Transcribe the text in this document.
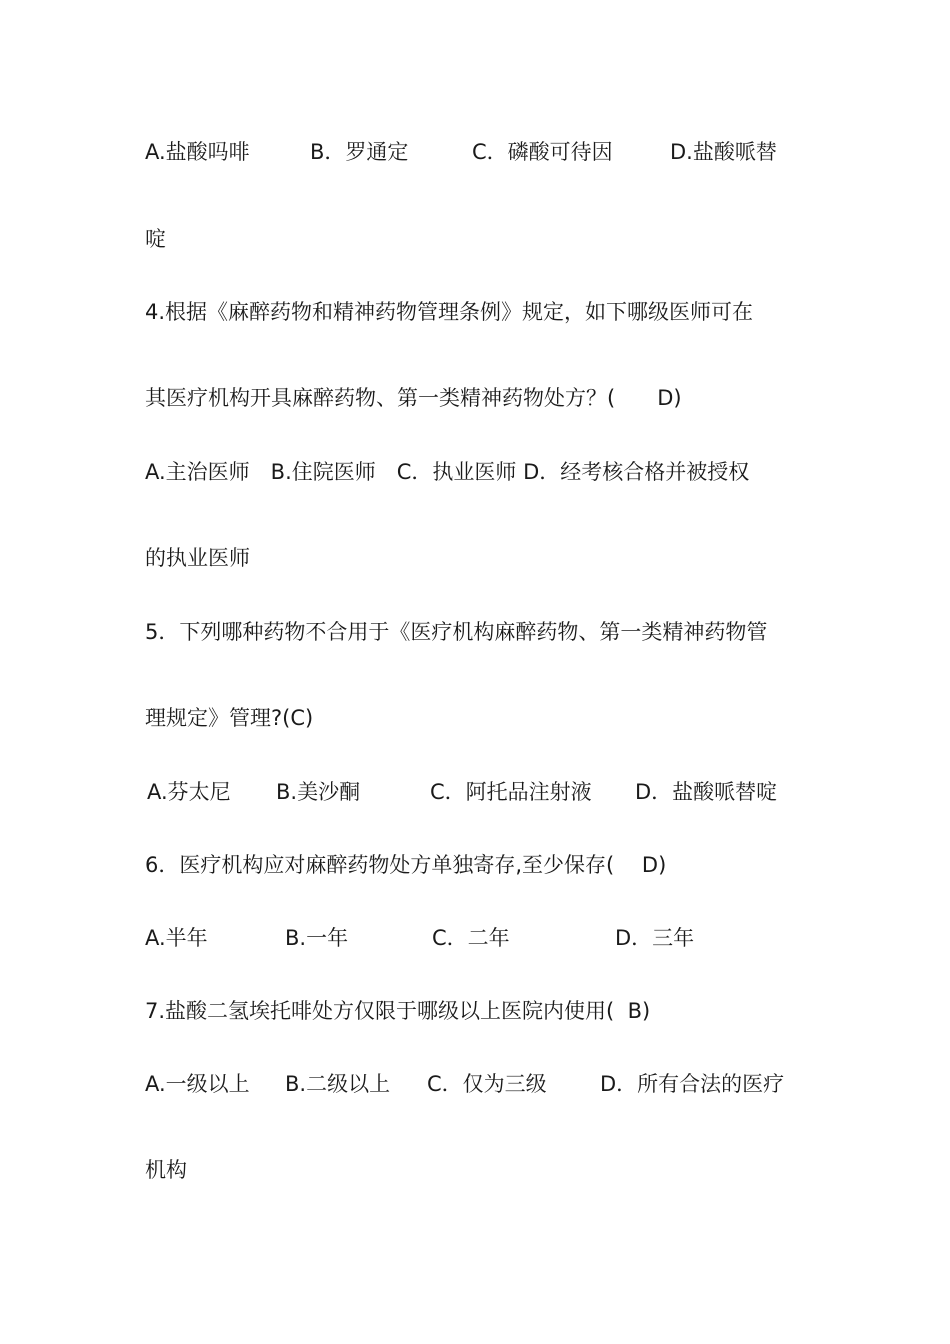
A.盐酸吗啡	B．罗通定	C．磷酸可待因	D.盐酸哌替
啶
4.根据《麻醉药物和精神药物管理条例》规定，如下哪级医师可在
其医疗机构开具麻醉药物、第一类精神药物处方？(　　D)
A.主治医师　B.住院医师　C．执业医师 D．经考核合格并被授权
的执业医师
5．下列哪种药物不合用于《医疗机构麻醉药物、第一类精神药物管
理规定》管理?(C)
A.芬太尼 B.美沙酮	C．阿托品注射液 D．盐酸哌替啶
6．医疗机构应对麻醉药物处方单独寄存,至少保存(　 D)
A.半年	B.一年	C．二年	D．三年
7.盐酸二氢埃托啡处方仅限于哪级以上医院内使用(  B)
A.一级以上 B.二级以上 C．仅为三级	D．所有合法的医疗
机构
